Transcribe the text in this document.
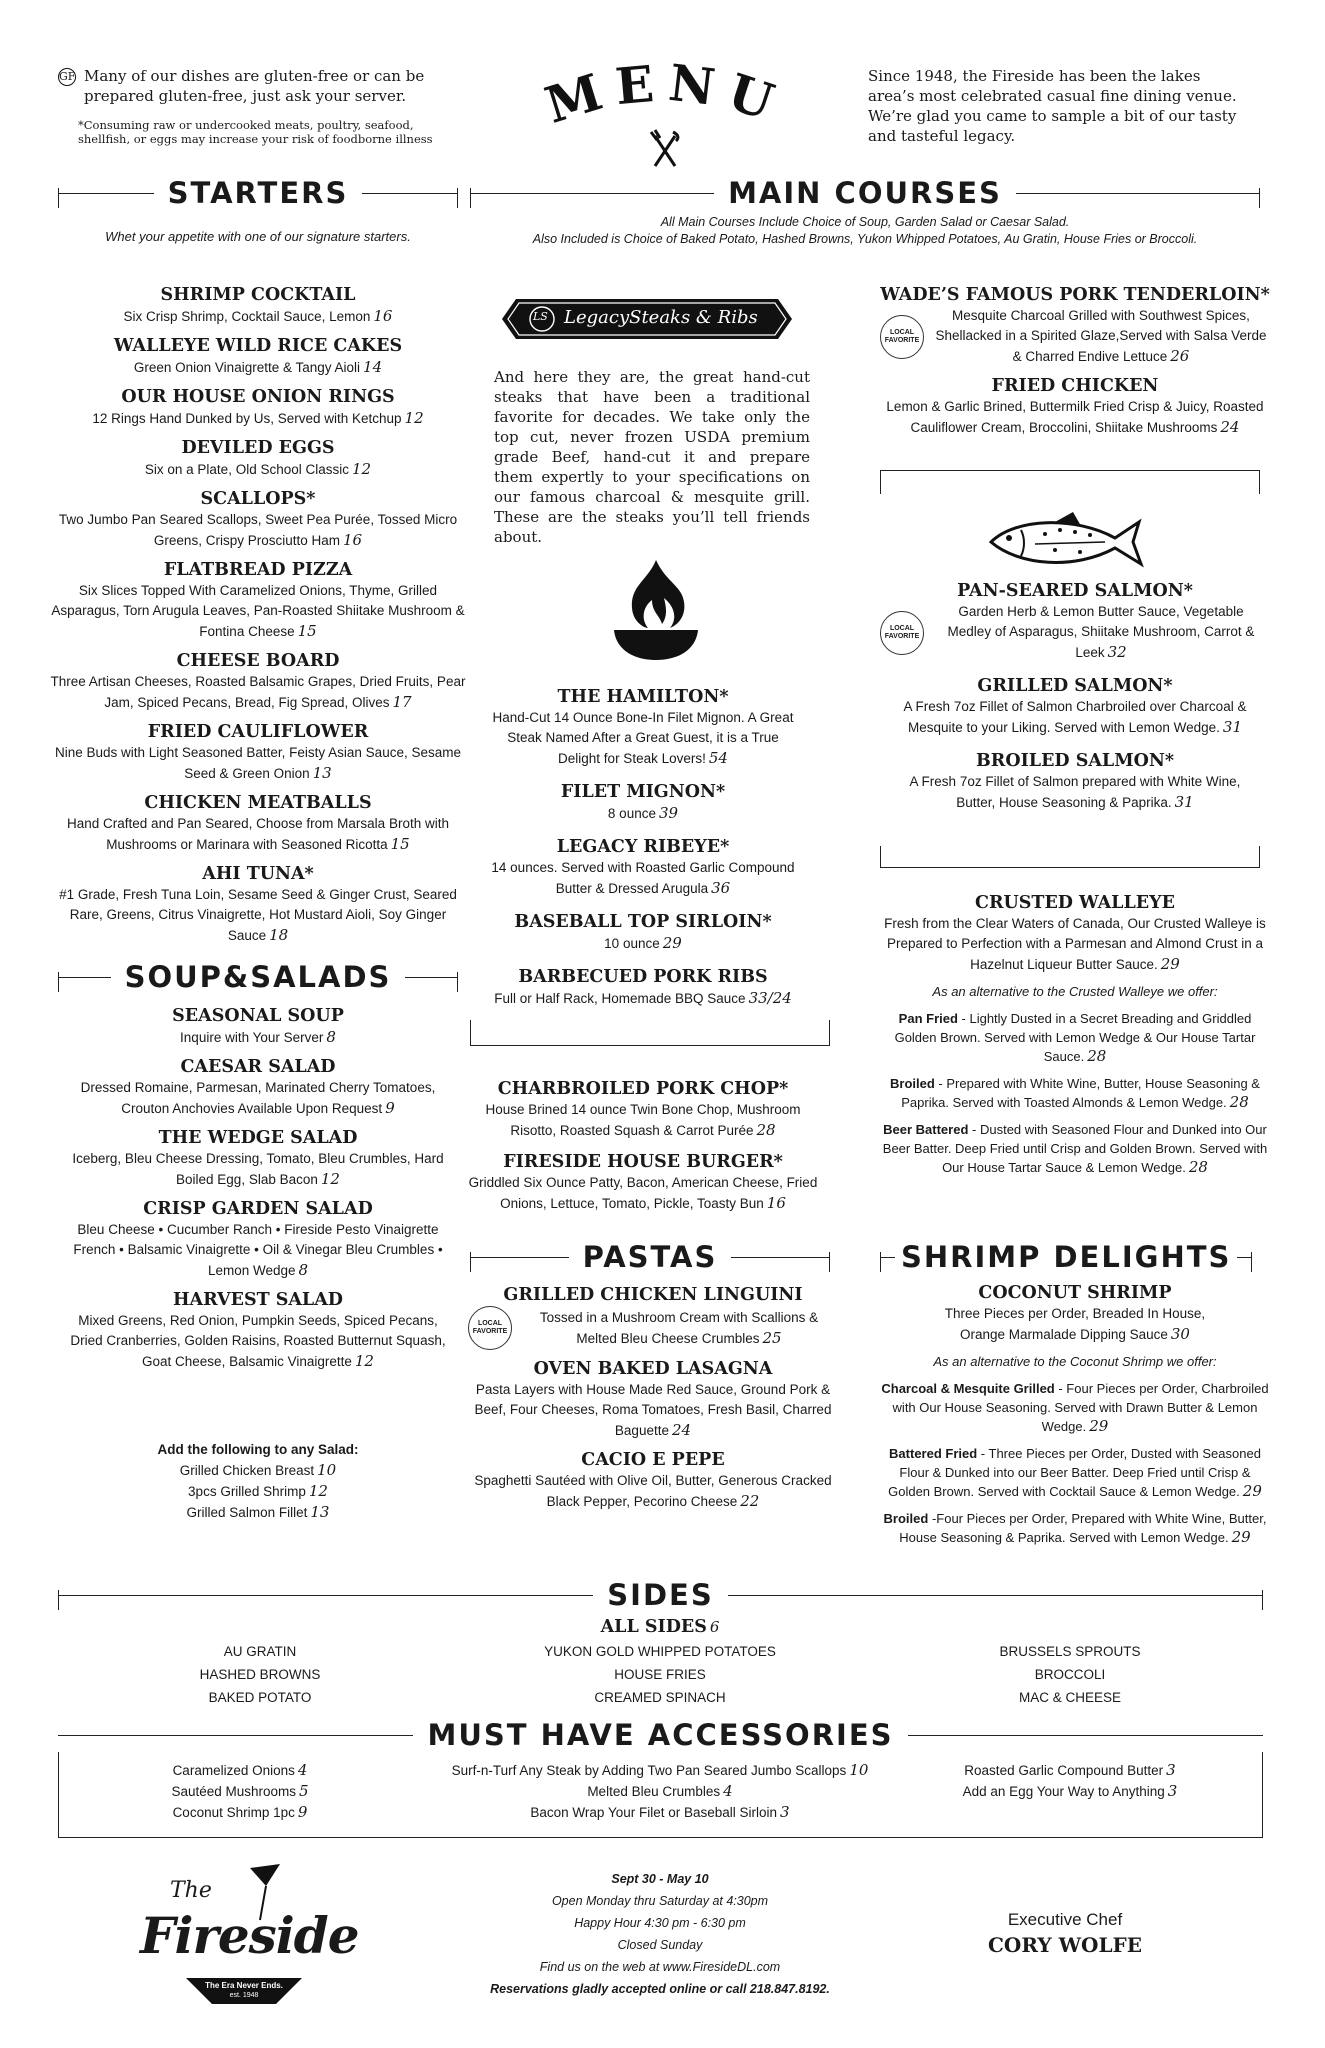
GF Many of our dishes are gluten-free or can be prepared gluten-free, just ask your server.
*Consuming raw or undercooked meats, poultry, seafood, shellfish, or eggs may increase your risk of foodborne illness
MENU	Since 1948, the Fireside has been the lakes area’s most celebrated casual fine dining venue. We’re glad you came to sample a bit of our tasty and tasteful legacy.
STARTERS
Whet your appetite with one of our signature starters.
SHRIMP COCKTAIL
Six Crisp Shrimp, Cocktail Sauce, Lemon 16
WALLEYE WILD RICE CAKES
Green Onion Vinaigrette & Tangy Aioli 14
OUR HOUSE ONION RINGS
12 Rings Hand Dunked by Us, Served with Ketchup 12
DEVILED EGGS
Six on a Plate, Old School Classic 12
SCALLOPS*
Two Jumbo Pan Seared Scallops, Sweet Pea Purée, Tossed Micro Greens, Crispy Prosciutto Ham 16
FLATBREAD PIZZA
Six Slices Topped With Caramelized Onions, Thyme, Grilled Asparagus, Torn Arugula Leaves, Pan-Roasted Shiitake Mushroom & Fontina Cheese 15
CHEESE BOARD
Three Artisan Cheeses, Roasted Balsamic Grapes, Dried Fruits, Pear Jam, Spiced Pecans, Bread, Fig Spread, Olives 17
FRIED CAULIFLOWER
Nine Buds with Light Seasoned Batter, Feisty Asian Sauce, Sesame Seed & Green Onion 13
CHICKEN MEATBALLS
Hand Crafted and Pan Seared, Choose from Marsala Broth with Mushrooms or Marinara with Seasoned Ricotta 15
AHI TUNA*
#1 Grade, Fresh Tuna Loin, Sesame Seed & Ginger Crust, Seared Rare, Greens, Citrus Vinaigrette, Hot Mustard Aioli, Soy Ginger Sauce 18
SOUP&SALADS
SEASONAL SOUP
Inquire with Your Server 8
CAESAR SALAD
Dressed Romaine, Parmesan, Marinated Cherry Tomatoes, Crouton Anchovies Available Upon Request 9
THE WEDGE SALAD
Iceberg, Bleu Cheese Dressing, Tomato, Bleu Crumbles, Hard Boiled Egg, Slab Bacon 12
CRISP GARDEN SALAD
Bleu Cheese • Cucumber Ranch • Fireside Pesto Vinaigrette French • Balsamic Vinaigrette • Oil & Vinegar Bleu Crumbles • Lemon Wedge 8
HARVEST SALAD
Mixed Greens, Red Onion, Pumpkin Seeds, Spiced Pecans, Dried Cranberries, Golden Raisins, Roasted Butternut Squash, Goat Cheese, Balsamic Vinaigrette 12
Add the following to any Salad:
Grilled Chicken Breast 10
3pcs Grilled Shrimp 12
Grilled Salmon Fillet 13
MAIN COURSES
All Main Courses Include Choice of Soup, Garden Salad or Caesar Salad.
Also Included is Choice of Baked Potato, Hashed Browns, Yukon Whipped Potatoes, Au Gratin, House Fries or Broccoli.
LS LegacySteaks & Ribs
And here they are, the great hand-cut steaks that have been a traditional favorite for decades. We take only the top cut, never frozen USDA premium grade Beef, hand-cut it and prepare them expertly to your specifications on our famous charcoal & mesquite grill. These are the steaks you’ll tell friends about.
THE HAMILTON*
Hand-Cut 14 Ounce Bone-In Filet Mignon. A Great Steak Named After a Great Guest, it is a True Delight for Steak Lovers! 54
FILET MIGNON*
8 ounce 39
LEGACY RIBEYE*
14 ounces. Served with Roasted Garlic Compound Butter & Dressed Arugula 36
BASEBALL TOP SIRLOIN*
10 ounce 29
BARBECUED PORK RIBS
Full or Half Rack, Homemade BBQ Sauce 33/24
CHARBROILED PORK CHOP*
House Brined 14 ounce Twin Bone Chop, Mushroom Risotto, Roasted Squash & Carrot Purée 28
FIRESIDE HOUSE BURGER*
Griddled Six Ounce Patty, Bacon, American Cheese, Fried Onions, Lettuce, Tomato, Pickle, Toasty Bun 16
WADE’S FAMOUS PORK TENDERLOIN*
LOCAL FAVORITE
Mesquite Charcoal Grilled with Southwest Spices, Shellacked in a Spirited Glaze,Served with Salsa Verde & Charred Endive Lettuce 26
FRIED CHICKEN
Lemon & Garlic Brined, Buttermilk Fried Crisp & Juicy, Roasted Cauliflower Cream, Broccolini, Shiitake Mushrooms 24
PAN-SEARED SALMON*
LOCAL FAVORITE
Garden Herb & Lemon Butter Sauce, Vegetable Medley of Asparagus, Shiitake Mushroom, Carrot & Leek 32
GRILLED SALMON*
A Fresh 7oz Fillet of Salmon Charbroiled over Charcoal & Mesquite to your Liking. Served with Lemon Wedge. 31
BROILED SALMON*
A Fresh 7oz Fillet of Salmon prepared with White Wine, Butter, House Seasoning & Paprika. 31
CRUSTED WALLEYE
Fresh from the Clear Waters of Canada, Our Crusted Walleye is Prepared to Perfection with a Parmesan and Almond Crust in a Hazelnut Liqueur Butter Sauce. 29
As an alternative to the Crusted Walleye we offer:
Pan Fried - Lightly Dusted in a Secret Breading and Griddled Golden Brown. Served with Lemon Wedge & Our House Tartar Sauce. 28
Broiled - Prepared with White Wine, Butter, House Seasoning & Paprika. Served with Toasted Almonds & Lemon Wedge. 28
Beer Battered - Dusted with Seasoned Flour and Dunked into Our Beer Batter. Deep Fried until Crisp and Golden Brown. Served with Our House Tartar Sauce & Lemon Wedge. 28
PASTAS
GRILLED CHICKEN LINGUINI
LOCAL FAVORITE
Tossed in a Mushroom Cream with Scallions & Melted Bleu Cheese Crumbles 25
OVEN BAKED LASAGNA
Pasta Layers with House Made Red Sauce, Ground Pork & Beef, Four Cheeses, Roma Tomatoes, Fresh Basil, Charred Baguette 24
CACIO E PEPE
Spaghetti Sautéed with Olive Oil, Butter, Generous Cracked Black Pepper, Pecorino Cheese 22
SHRIMP DELIGHTS
COCONUT SHRIMP
Three Pieces per Order, Breaded In House, Orange Marmalade Dipping Sauce 30
As an alternative to the Coconut Shrimp we offer:
Charcoal & Mesquite Grilled - Four Pieces per Order, Charbroiled with Our House Seasoning. Served with Drawn Butter & Lemon Wedge. 29
Battered Fried - Three Pieces per Order, Dusted with Seasoned Flour & Dunked into our Beer Batter. Deep Fried until Crisp & Golden Brown. Served with Cocktail Sauce & Lemon Wedge. 29
Broiled -Four Pieces per Order, Prepared with White Wine, Butter, House Seasoning & Paprika. Served with Lemon Wedge. 29
SIDES
ALL SIDES 6
AU GRATIN
HASHED BROWNS
BAKED POTATO
YUKON GOLD WHIPPED POTATOES
HOUSE FRIES
CREAMED SPINACH
BRUSSELS SPROUTS
BROCCOLI
MAC & CHEESE
MUST HAVE ACCESSORIES
Caramelized Onions 4
Sautéed Mushrooms 5
Coconut Shrimp 1pc 9
Surf-n-Turf Any Steak by Adding Two Pan Seared Jumbo Scallops 10
Melted Bleu Crumbles 4
Bacon Wrap Your Filet or Baseball Sirloin 3
Roasted Garlic Compound Butter 3
Add an Egg Your Way to Anything 3
The
Fireside
The Era Never Ends.
est. 1948
Sept 30 - May 10
Open Monday thru Saturday at 4:30pm
Happy Hour 4:30 pm - 6:30 pm
Closed Sunday
Find us on the web at www.FiresideDL.com
Reservations gladly accepted online or call 218.847.8192.
Executive Chef
CORY WOLFE
